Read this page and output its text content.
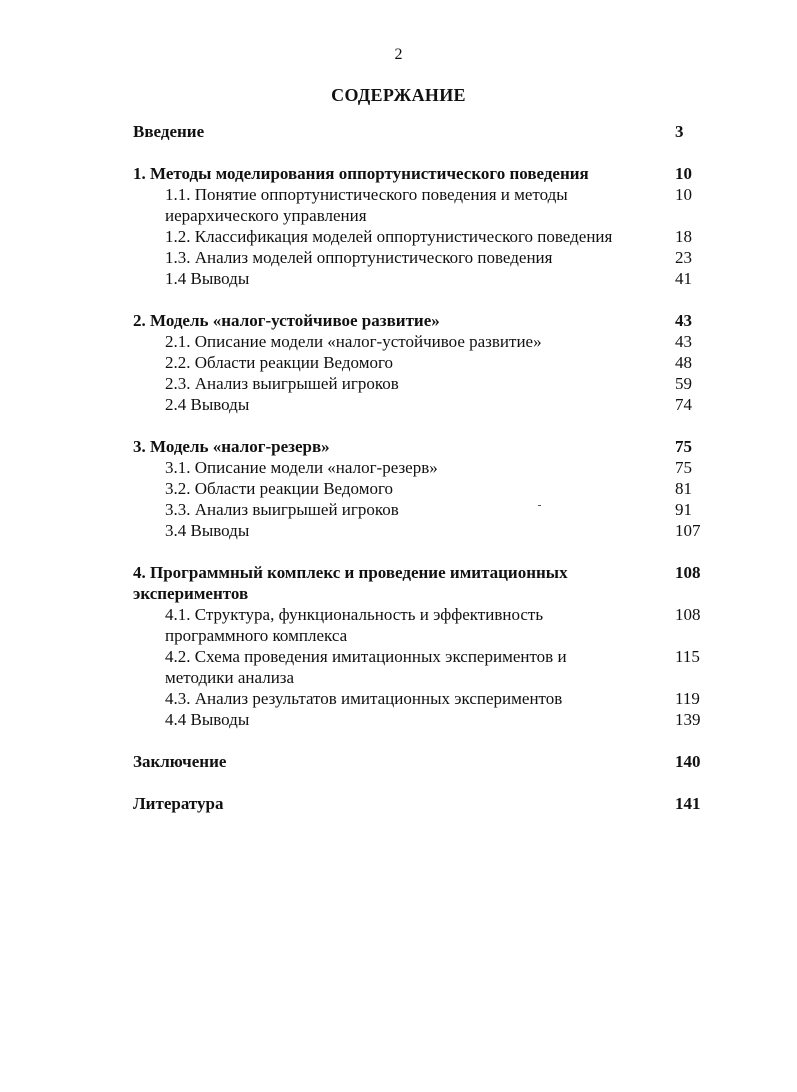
2
СОДЕРЖАНИЕ
Введение	3
1. Методы моделирования оппортунистического поведения	10
1.1. Понятие оппортунистического поведения и методы	10
иерархического управления
1.2. Классификация моделей оппортунистического поведения	18
1.3. Анализ моделей оппортунистического поведения	23
1.4 Выводы	41
2. Модель «налог-устойчивое развитие»	43
2.1. Описание модели «налог-устойчивое развитие»	43
2.2. Области реакции Ведомого	48
2.3. Анализ выигрышей игроков	59
2.4 Выводы	74
3. Модель «налог-резерв»	75
3.1. Описание модели «налог-резерв»	75
3.2. Области реакции Ведомого	81
3.3. Анализ выигрышей игроков	91
3.4 Выводы	107
4. Программный комплекс и проведение имитационных	108
экспериментов
4.1. Структура, функциональность и эффективность	108
программного комплекса
4.2. Схема проведения имитационных экспериментов и	115
методики анализа
4.3. Анализ результатов имитационных экспериментов	119
4.4 Выводы	139
Заключение	140
Литература	141
